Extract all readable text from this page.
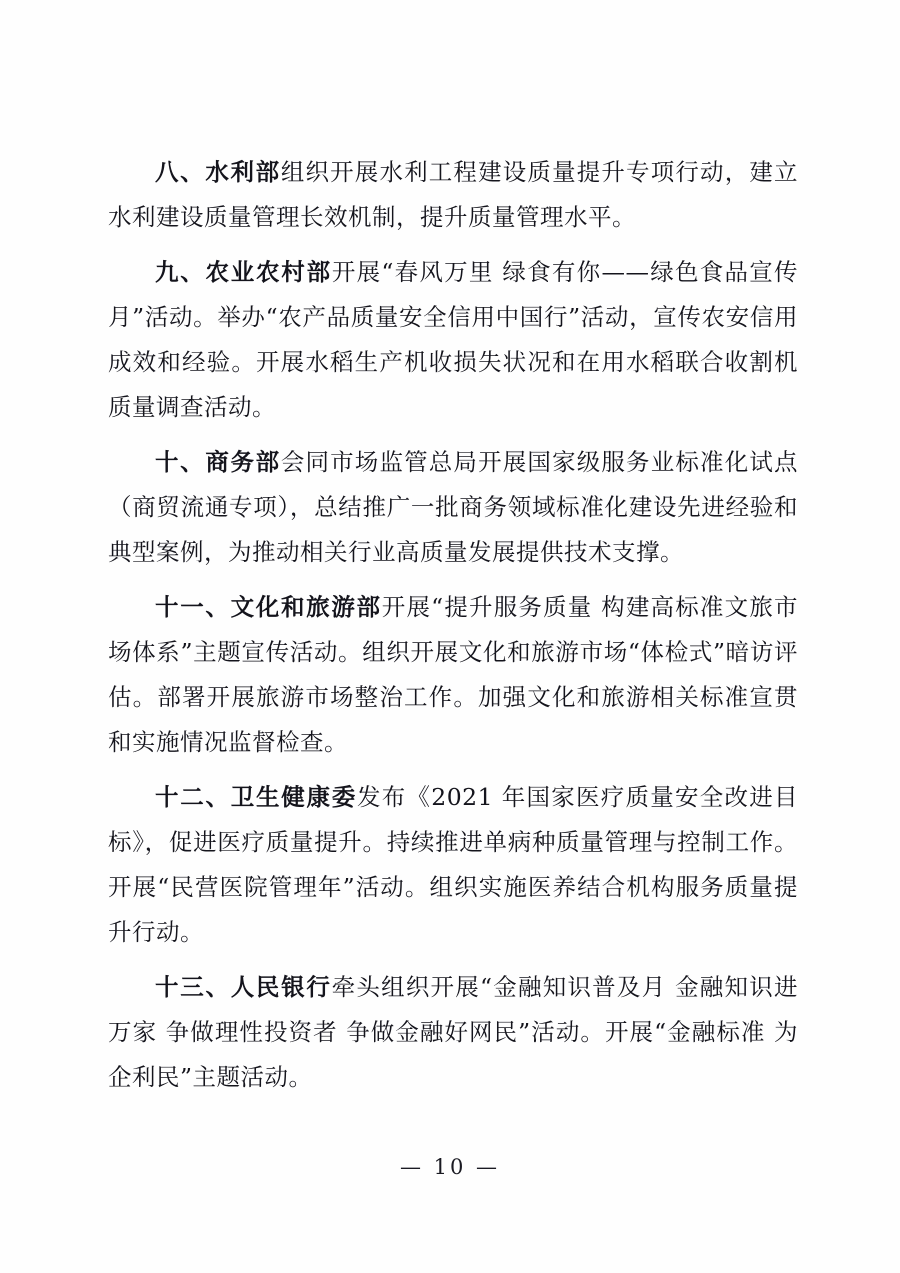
八、水利部组织开展水利工程建设质量提升专项行动，建立水利建设质量管理长效机制，提升质量管理水平。

九、农业农村部开展“春风万里 绿食有你——绿色食品宣传月”活动。举办“农产品质量安全信用中国行”活动，宣传农安信用成效和经验。开展水稻生产机收损失状况和在用水稻联合收割机质量调查活动。

十、商务部会同市场监管总局开展国家级服务业标准化试点（商贸流通专项），总结推广一批商务领域标准化建设先进经验和典型案例，为推动相关行业高质量发展提供技术支撑。

十一、文化和旅游部开展“提升服务质量 构建高标准文旅市场体系”主题宣传活动。组织开展文化和旅游市场“体检式”暗访评估。部署开展旅游市场整治工作。加强文化和旅游相关标准宣贯和实施情况监督检查。

十二、卫生健康委发布《2021 年国家医疗质量安全改进目标》，促进医疗质量提升。持续推进单病种质量管理与控制工作。开展“民营医院管理年”活动。组织实施医养结合机构服务质量提升行动。

十三、人民银行牵头组织开展“金融知识普及月 金融知识进万家 争做理性投资者 争做金融好网民”活动。开展“金融标准 为企利民”主题活动。

— 10 —
